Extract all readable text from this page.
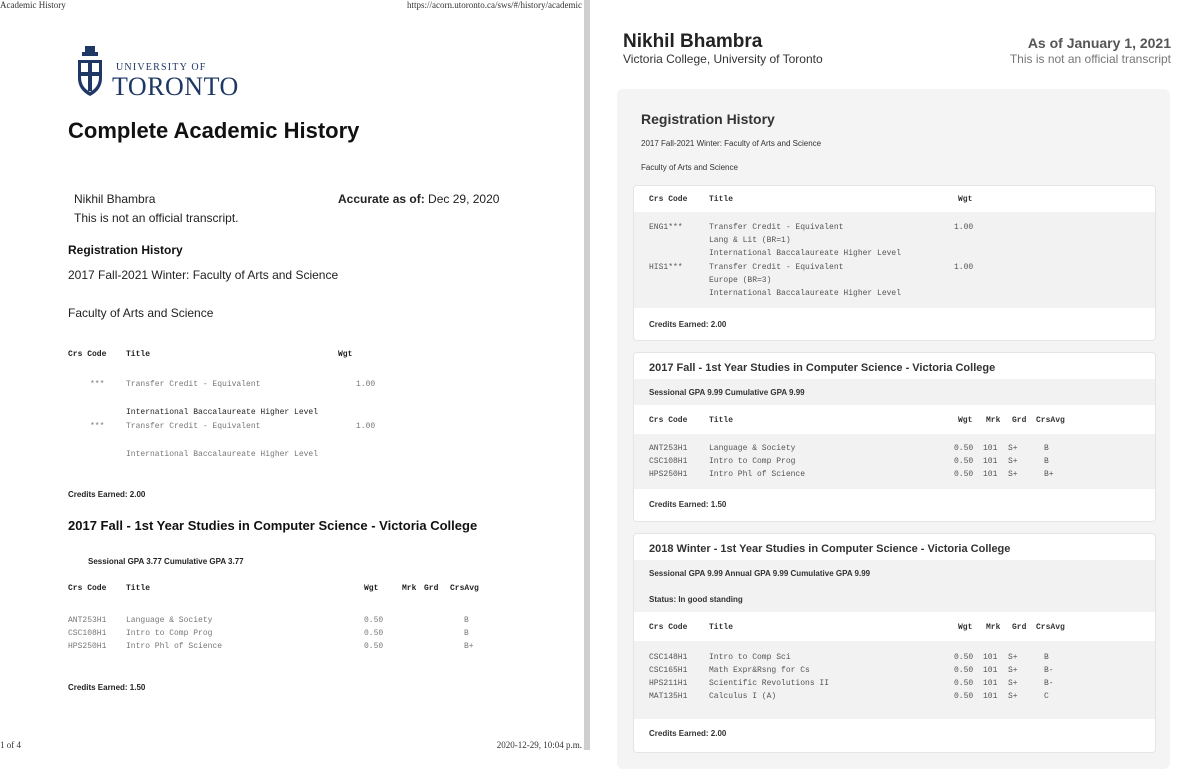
Academic History	https://acorn.utoronto.ca/sws/#/history/academic
UNIVERSITY OF
TORONTO
Complete Academic History
Nikhil Bhambra	Accurate as of: Dec 29, 2020
This is not an official transcript.
Registration History
2017 Fall-2021 Winter: Faculty of Arts and Science
Faculty of Arts and Science
Crs Code Title	Wgt
***	Transfer Credit - Equivalent	1.00
International Baccalaureate Higher Level
***	Transfer Credit - Equivalent	1.00
International Baccalaureate Higher Level
Credits Earned: 2.00
2017 Fall - 1st Year Studies in Computer Science - Victoria College
Sessional GPA 3.77 Cumulative GPA 3.77
Crs Code Title	Wgt	Mrk Grd CrsAvg
ANT253H1 Language & Society	0.50	B
CSC108H1 Intro to Comp Prog	0.50	B
HPS250H1 Intro Phl of Science	0.50	B+
Credits Earned: 1.50
1 of 4	2020-12-29, 10:04 p.m.
Nikhil Bhambra
Victoria College, University of Toronto
As of January 1, 2021
This is not an official transcript
Registration History
2017 Fall-2021 Winter: Faculty of Arts and Science
Faculty of Arts and Science
Crs Code	Title	Wgt
ENG1***	Transfer Credit - Equivalent	1.00
Lang & Lit (BR=1)
International Baccalaureate Higher Level
HIS1***	Transfer Credit - Equivalent	1.00
Europe (BR=3)
International Baccalaureate Higher Level
Credits Earned: 2.00
2017 Fall - 1st Year Studies in Computer Science - Victoria College
Sessional GPA 9.99 Cumulative GPA 9.99
Crs Code	Title	Wgt Mrk Grd CrsAvg
ANT253H1	Language & Society	0.50 101 S+	B
CSC108H1	Intro to Comp Prog	0.50 101 S+	B
HPS250H1	Intro Phl of Science	0.50 101 S+	B+
Credits Earned: 1.50
2018 Winter - 1st Year Studies in Computer Science - Victoria College
Sessional GPA 9.99 Annual GPA 9.99 Cumulative GPA 9.99
Status: In good standing
Crs Code	Title	Wgt Mrk Grd CrsAvg
CSC148H1	Intro to Comp Sci	0.50 101 S+	B
CSC165H1	Math Expr&Rsng for Cs	0.50 101 S+	B-
HPS211H1	Scientific Revolutions II	0.50 101 S+	B-
MAT135H1	Calculus I (A)	0.50 101 S+	C
Credits Earned: 2.00
